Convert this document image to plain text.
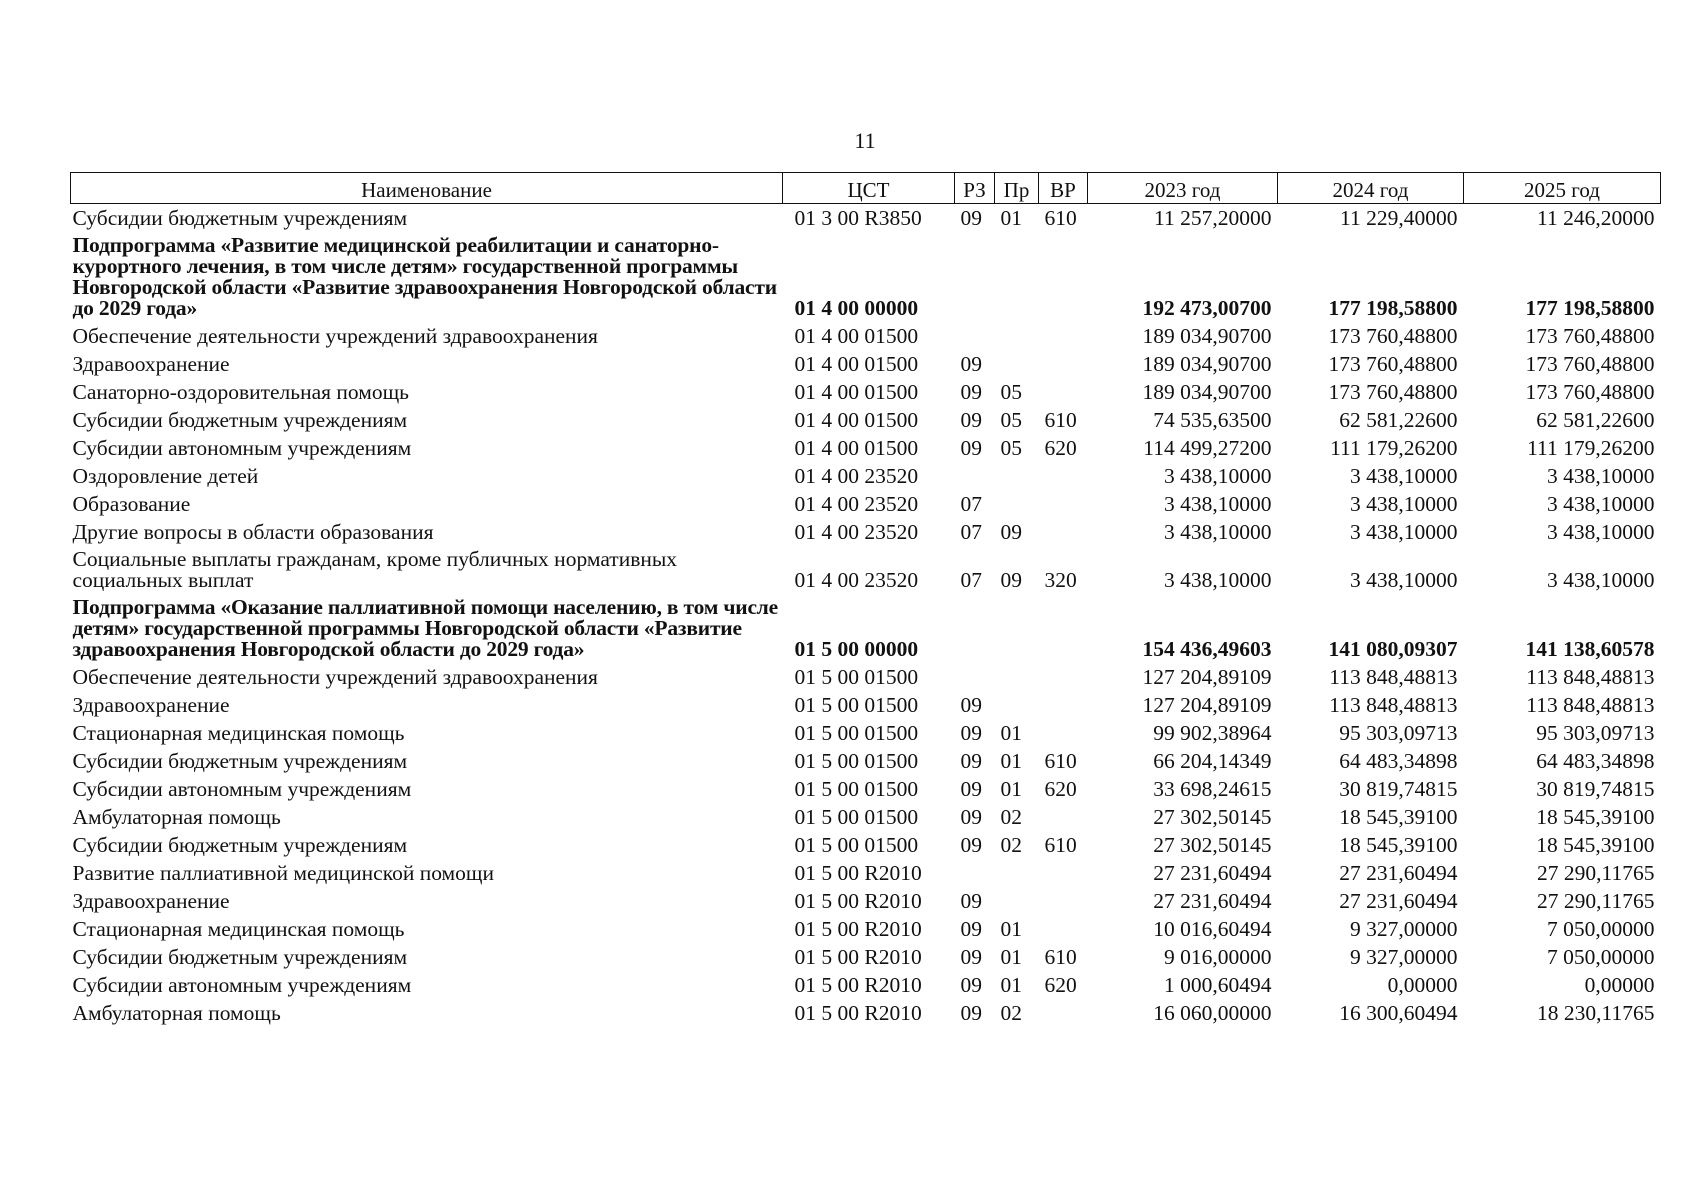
11
Наименование	ЦСТ	РЗ	Пр	ВР	2023 год	2024 год	2025 год
Субсидии бюджетным учреждениям	01 3 00 R3850	09	01	610	11 257,20000	11 229,40000	11 246,20000
Подпрограмма «Развитие медицинской реабилитации и санаторно-курортного лечения, в том числе детям» государственной программы Новгородской области «Развитие здравоохранения Новгородской области до 2029 года»	01 4 00 00000				192 473,00700	177 198,58800	177 198,58800
Обеспечение деятельности учреждений здравоохранения	01 4 00 01500				189 034,90700	173 760,48800	173 760,48800
Здравоохранение	01 4 00 01500	09			189 034,90700	173 760,48800	173 760,48800
Санаторно-оздоровительная помощь	01 4 00 01500	09	05		189 034,90700	173 760,48800	173 760,48800
Субсидии бюджетным учреждениям	01 4 00 01500	09	05	610	74 535,63500	62 581,22600	62 581,22600
Субсидии автономным учреждениям	01 4 00 01500	09	05	620	114 499,27200	111 179,26200	111 179,26200
Оздоровление детей	01 4 00 23520				3 438,10000	3 438,10000	3 438,10000
Образование	01 4 00 23520	07			3 438,10000	3 438,10000	3 438,10000
Другие вопросы в области образования	01 4 00 23520	07	09		3 438,10000	3 438,10000	3 438,10000
Социальные выплаты гражданам, кроме публичных нормативных социальных выплат	01 4 00 23520	07	09	320	3 438,10000	3 438,10000	3 438,10000
Подпрограмма «Оказание паллиативной помощи населению, в том числе детям» государственной программы Новгородской области «Развитие здравоохранения Новгородской области до 2029 года»	01 5 00 00000				154 436,49603	141 080,09307	141 138,60578
Обеспечение деятельности учреждений здравоохранения	01 5 00 01500				127 204,89109	113 848,48813	113 848,48813
Здравоохранение	01 5 00 01500	09			127 204,89109	113 848,48813	113 848,48813
Стационарная медицинская помощь	01 5 00 01500	09	01		99 902,38964	95 303,09713	95 303,09713
Субсидии бюджетным учреждениям	01 5 00 01500	09	01	610	66 204,14349	64 483,34898	64 483,34898
Субсидии автономным учреждениям	01 5 00 01500	09	01	620	33 698,24615	30 819,74815	30 819,74815
Амбулаторная помощь	01 5 00 01500	09	02		27 302,50145	18 545,39100	18 545,39100
Субсидии бюджетным учреждениям	01 5 00 01500	09	02	610	27 302,50145	18 545,39100	18 545,39100
Развитие паллиативной медицинской помощи	01 5 00 R2010				27 231,60494	27 231,60494	27 290,11765
Здравоохранение	01 5 00 R2010	09			27 231,60494	27 231,60494	27 290,11765
Стационарная медицинская помощь	01 5 00 R2010	09	01		10 016,60494	9 327,00000	7 050,00000
Субсидии бюджетным учреждениям	01 5 00 R2010	09	01	610	9 016,00000	9 327,00000	7 050,00000
Субсидии автономным учреждениям	01 5 00 R2010	09	01	620	1 000,60494	0,00000	0,00000
Амбулаторная помощь	01 5 00 R2010	09	02		16 060,00000	16 300,60494	18 230,11765
